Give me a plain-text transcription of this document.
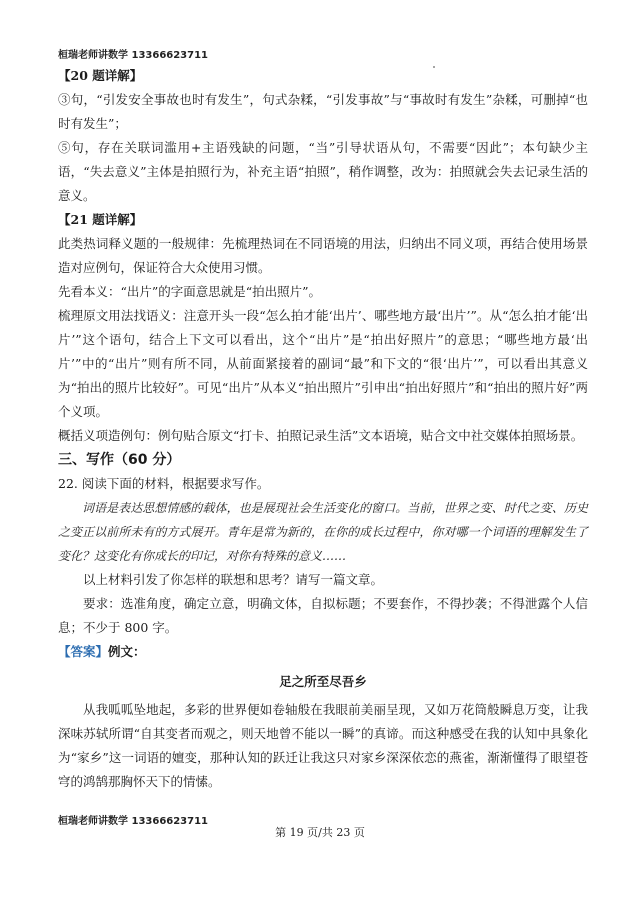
桓瑞老师讲数学 13366623711

【20 题详解】

③句，“引发安全事故也时有发生”，句式杂糅，“引发事故”与“事故时有发生”杂糅，可删掉“也时有发生”；

⑤句，存在关联词滥用+主语残缺的问题，“当”引导状语从句，不需要“因此”；本句缺少主语，“失去意义”主体是拍照行为，补充主语“拍照”，稍作调整，改为：拍照就会失去记录生活的意义。

【21 题详解】

此类热词释义题的一般规律：先梳理热词在不同语境的用法，归纳出不同义项，再结合使用场景造对应例句，保证符合大众使用习惯。

先看本义：“出片”的字面意思就是“拍出照片”。

梳理原文用法找语义：注意开头一段“怎么拍才能‘出片’、哪些地方最‘出片’”。从“怎么拍才能‘出片’”这个语句，结合上下文可以看出，这个“出片”是“拍出好照片”的意思；“哪些地方最‘出片’”中的“出片”则有所不同，从前面紧接着的副词“最”和下文的“很‘出片’”，可以看出其意义为“拍出的照片比较好”。可见“出片”从本义“拍出照片”引申出“拍出好照片”和“拍出的照片好”两个义项。

概括义项造例句：例句贴合原文“打卡、拍照记录生活”文本语境，贴合文中社交媒体拍照场景。

三、写作（60 分）

22. 阅读下面的材料，根据要求写作。

词语是表达思想情感的载体，也是展现社会生活变化的窗口。当前，世界之变、时代之变、历史之变正以前所未有的方式展开。青年是常为新的，在你的成长过程中，你对哪一个词语的理解发生了变化？这变化有你成长的印记，对你有特殊的意义……

以上材料引发了你怎样的联想和思考？请写一篇文章。

要求：选准角度，确定立意，明确文体，自拟标题；不要套作，不得抄袭；不得泄露个人信息；不少于 800 字。

【答案】例文：

足之所至尽吾乡

从我呱呱坠地起，多彩的世界便如卷轴般在我眼前美丽呈现，又如万花筒般瞬息万变，让我深味苏轼所谓“自其变者而观之，则天地曾不能以一瞬”的真谛。而这种感受在我的认知中具象化为“家乡”这一词语的嬗变，那种认知的跃迁让我这只对家乡深深依恋的燕雀，渐渐懂得了眼望苍穹的鸿鹄那胸怀天下的情愫。

桓瑞老师讲数学 13366623711
第 19 页/共 23 页
